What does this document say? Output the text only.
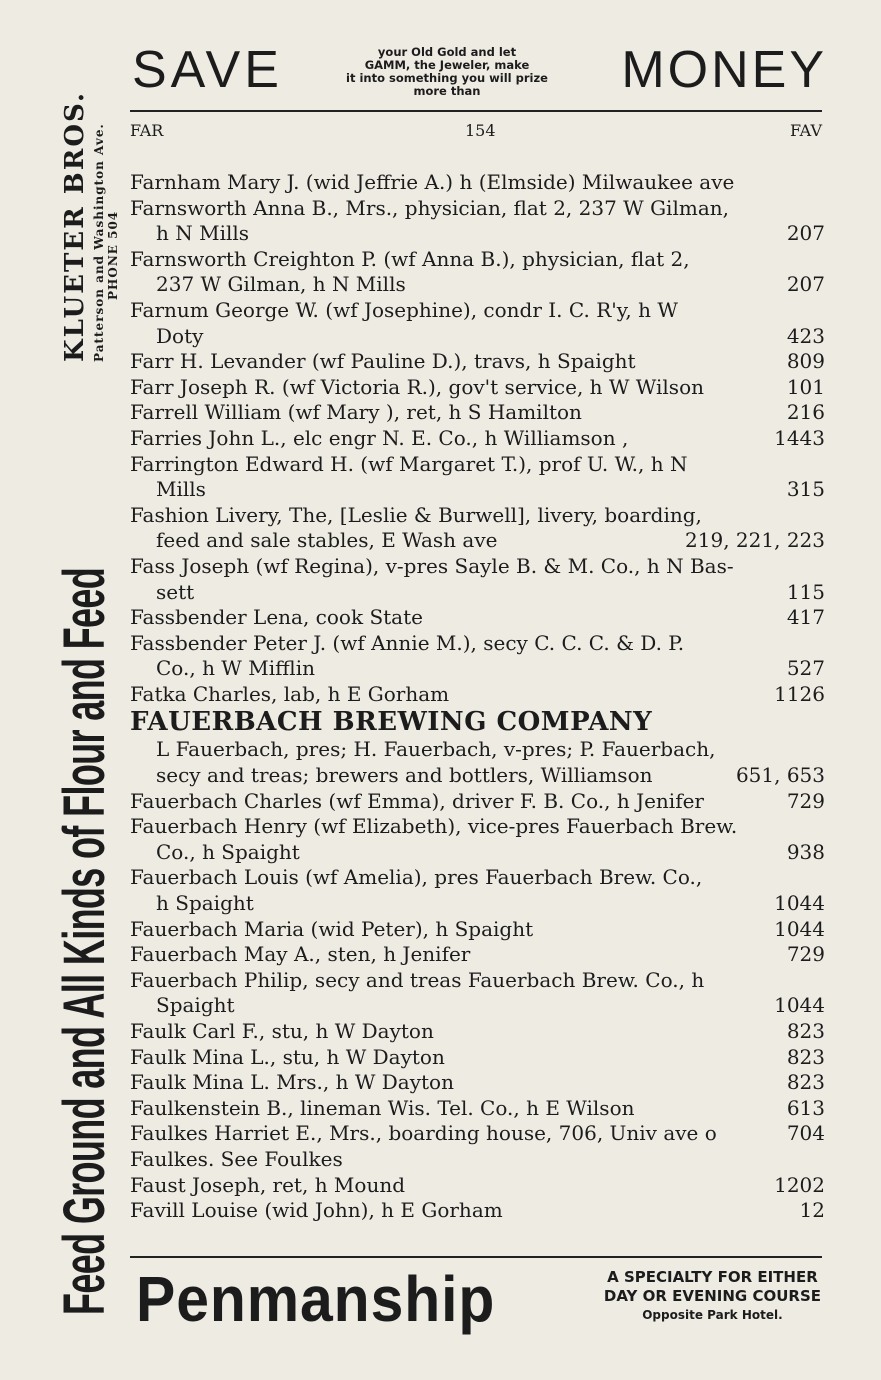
Feed Ground and All Kinds of Flour and Feed
KLUETER BROS. Patterson and Washington Ave. PHONE 504
SAVE	your Old Gold and let
GAMM, the Jeweler, make
it into something you will prize
more than	MONEY
FAR	154	FAV
Farnham Mary J. (wid Jeffrie A.) h (Elmside) Milwaukee ave
Farnsworth Anna B., Mrs., physician, flat 2, 237 W Gilman,
h N Mills	207
Farnsworth Creighton P. (wf Anna B.), physician, flat 2,
237 W Gilman, h N Mills	207
Farnum George W. (wf Josephine), condr I. C. R'y, h W
Doty	423
Farr H. Levander (wf Pauline D.), travs, h Spaight	809
Farr Joseph R. (wf Victoria R.), gov't service, h W Wilson	101
Farrell William (wf Mary ), ret, h S Hamilton	216
Farries John L., elc engr N. E. Co., h Williamson ,	1443
Farrington Edward H. (wf Margaret T.), prof U. W., h N
Mills	315
Fashion Livery, The, [Leslie & Burwell], livery, boarding,
feed and sale stables, E Wash ave	219, 221, 223
Fass Joseph (wf Regina), v-pres Sayle B. & M. Co., h N Bas-
sett	115
Fassbender Lena, cook State	417
Fassbender Peter J. (wf Annie M.), secy C. C. C. & D. P.
Co., h W Mifflin	527
Fatka Charles, lab, h E Gorham	1126
FAUERBACH BREWING COMPANY
L Fauerbach, pres; H. Fauerbach, v-pres; P. Fauerbach,
secy and treas; brewers and bottlers, Williamson	651, 653
Fauerbach Charles (wf Emma), driver F. B. Co., h Jenifer	729
Fauerbach Henry (wf Elizabeth), vice-pres Fauerbach Brew.
Co., h Spaight	938
Fauerbach Louis (wf Amelia), pres Fauerbach Brew. Co.,
h Spaight	1044
Fauerbach Maria (wid Peter), h Spaight	1044
Fauerbach May A., sten, h Jenifer	729
Fauerbach Philip, secy and treas Fauerbach Brew. Co., h
Spaight	1044
Faulk Carl F., stu, h W Dayton	823
Faulk Mina L., stu, h W Dayton	823
Faulk Mina L. Mrs., h W Dayton	823
Faulkenstein B., lineman Wis. Tel. Co., h E Wilson	613
Faulkes Harriet E., Mrs., boarding house, 706, Univ ave o	704
Faulkes. See Foulkes
Faust Joseph, ret, h Mound	1202
Favill Louise (wid John), h E Gorham	12
Penmanship	A SPECIALTY FOR EITHER
DAY OR EVENING COURSE
Opposite Park Hotel.
